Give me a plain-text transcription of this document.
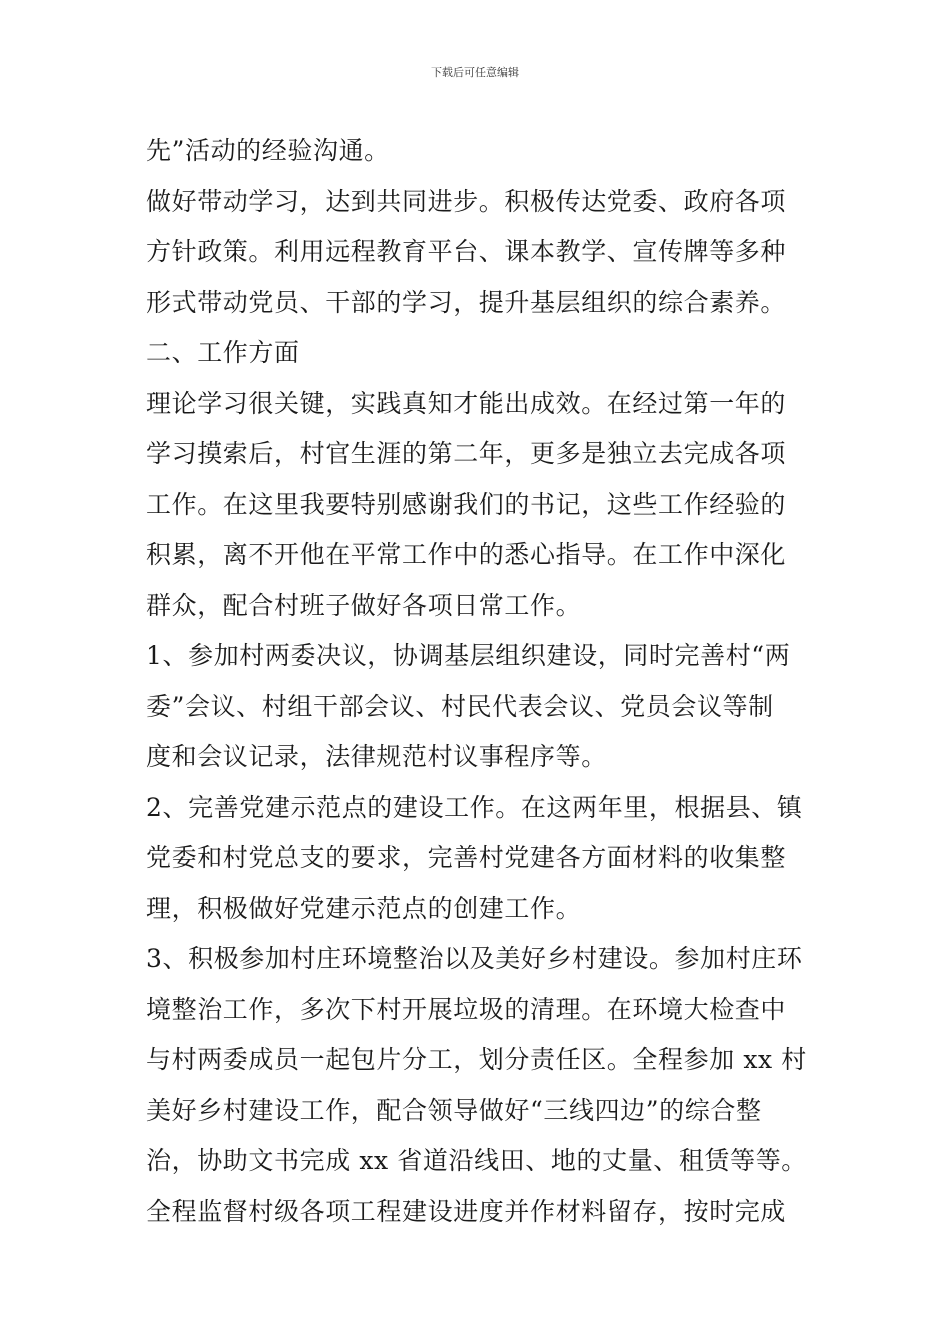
下载后可任意编辑
先”活动的经验沟通。
做好带动学习，达到共同进步。积极传达党委、政府各项
方针政策。利用远程教育平台、课本教学、宣传牌等多种
形式带动党员、干部的学习，提升基层组织的综合素养。
二、工作方面
理论学习很关键，实践真知才能出成效。在经过第一年的
学习摸索后，村官生涯的第二年，更多是独立去完成各项
工作。在这里我要特别感谢我们的书记，这些工作经验的
积累，离不开他在平常工作中的悉心指导。在工作中深化
群众，配合村班子做好各项日常工作。
1、参加村两委决议，协调基层组织建设，同时完善村“两
委”会议、村组干部会议、村民代表会议、党员会议等制
度和会议记录，法律规范村议事程序等。
2、完善党建示范点的建设工作。在这两年里，根据县、镇
党委和村党总支的要求，完善村党建各方面材料的收集整
理，积极做好党建示范点的创建工作。
3、积极参加村庄环境整治以及美好乡村建设。参加村庄环
境整治工作，多次下村开展垃圾的清理。在环境大检查中
与村两委成员一起包片分工，划分责任区。全程参加 xx 村
美好乡村建设工作，配合领导做好“三线四边”的综合整
治，协助文书完成 xx 省道沿线田、地的丈量、租赁等等。
全程监督村级各项工程建设进度并作材料留存，按时完成
